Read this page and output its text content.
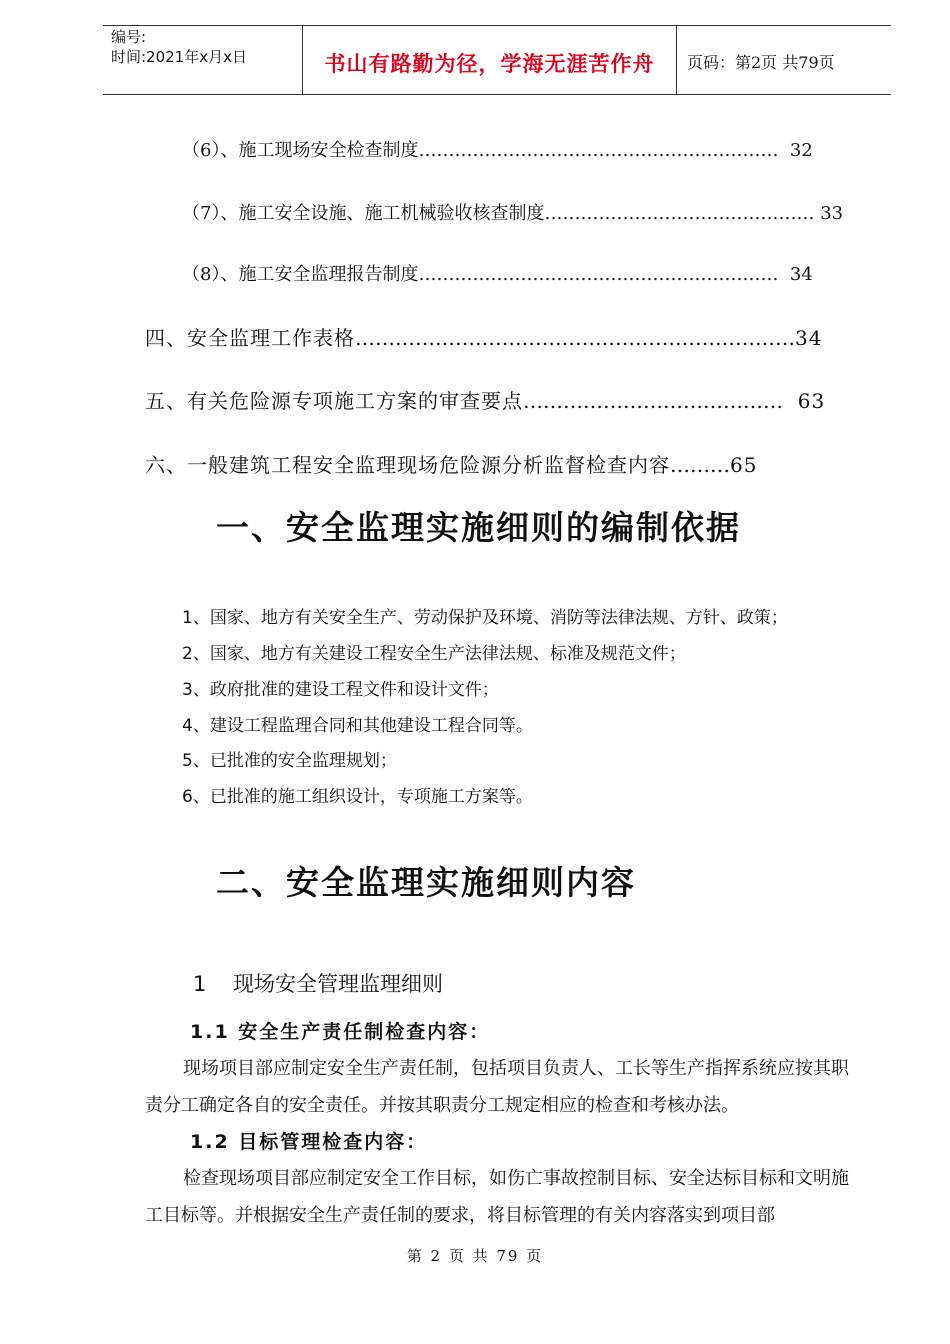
编号:
时间:2021年x月x日	书山有路勤为径，学海无涯苦作舟	页码：第2页 共79页
（6）、施工现场安全检查制度…………………………………………………… 32
（7）、施工安全设施、施工机械验收核查制度……………………………………… 33
（8）、施工安全监理报告制度…………………………………………………… 34
四、安全监理工作表格…………………………………………………………34
五、有关危险源专项施工方案的审查要点………………………………… 63
六、一般建筑工程安全监理现场危险源分析监督检查内容………65
一、安全监理实施细则的编制依据
1、国家、地方有关安全生产、劳动保护及环境、消防等法律法规、方针、政策；
2、国家、地方有关建设工程安全生产法律法规、标准及规范文件；
3、政府批准的建设工程文件和设计文件；
4、建设工程监理合同和其他建设工程合同等。
5、已批准的安全监理规划；
6、已批准的施工组织设计，专项施工方案等。
二、安全监理实施细则内容
1    现场安全管理监理细则
1.1 安全生产责任制检查内容：
现场项目部应制定安全生产责任制，包括项目负责人、工长等生产指挥系统应按其职责分工确定各自的安全责任。并按其职责分工规定相应的检查和考核办法。
1.2 目标管理检查内容：
检查现场项目部应制定安全工作目标，如伤亡事故控制目标、安全达标目标和文明施工目标等。并根据安全生产责任制的要求，将目标管理的有关内容落实到项目部
第 2 页 共 79 页
